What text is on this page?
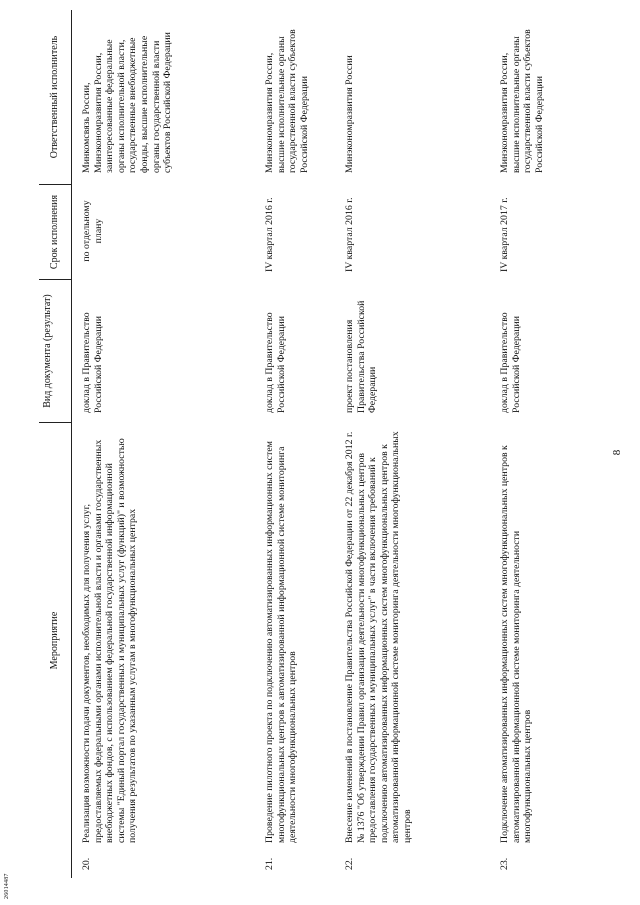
8
Мероприятие
Вид документа (результат)
Срок исполнения
Ответственный исполнитель
20.
Реализация возможности подачи документов, необходимых для получения услуг, предоставляемых федеральными органами исполнительной власти и органами государственных внебюджетных фондов, с использованием федеральной государственной информационной системы "Единый портал государственных и муниципальных услуг (функций)" и возможностью получения результатов по указанным услугам в многофункциональных центрах
доклад в Правительство Российской Федерации
по отдельному плану
Минкомсвязь России, Минэкономразвития России, заинтересованные федеральные органы исполнительной власти, государственные внебюджетные фонды, высшие исполнительные органы государственной власти субъектов Российской Федерации
21.
Проведение пилотного проекта по подключению автоматизированных информационных систем многофункциональных центров к автоматизированной информационной системе мониторинга деятельности многофункциональных центров
доклад в Правительство Российской Федерации
IV квартал 2016 г.
Минэкономразвития России, высшие исполнительные органы государственной власти субъектов Российской Федерации
22.
Внесение изменений в постановление Правительства Российской Федерации от 22 декабря 2012 г. № 1376 "Об утверждении Правил организации деятельности многофункциональных центров предоставления государственных и муниципальных услуг" в части включения требований к подключению автоматизированных информационных систем многофункциональных центров к автоматизированной информационной системе мониторинга деятельности многофункциональных центров
проект постановления Правительства Российской Федерации
IV квартал 2016 г.
Минэкономразвития России
23.
Подключение автоматизированных информационных систем многофункциональных центров к автоматизированной информационной системе мониторинга деятельности многофункциональных центров
доклад в Правительство Российской Федерации
IV квартал 2017 г.
Минэкономразвития России, высшие исполнительные органы государственной власти субъектов Российской Федерации
26014487
